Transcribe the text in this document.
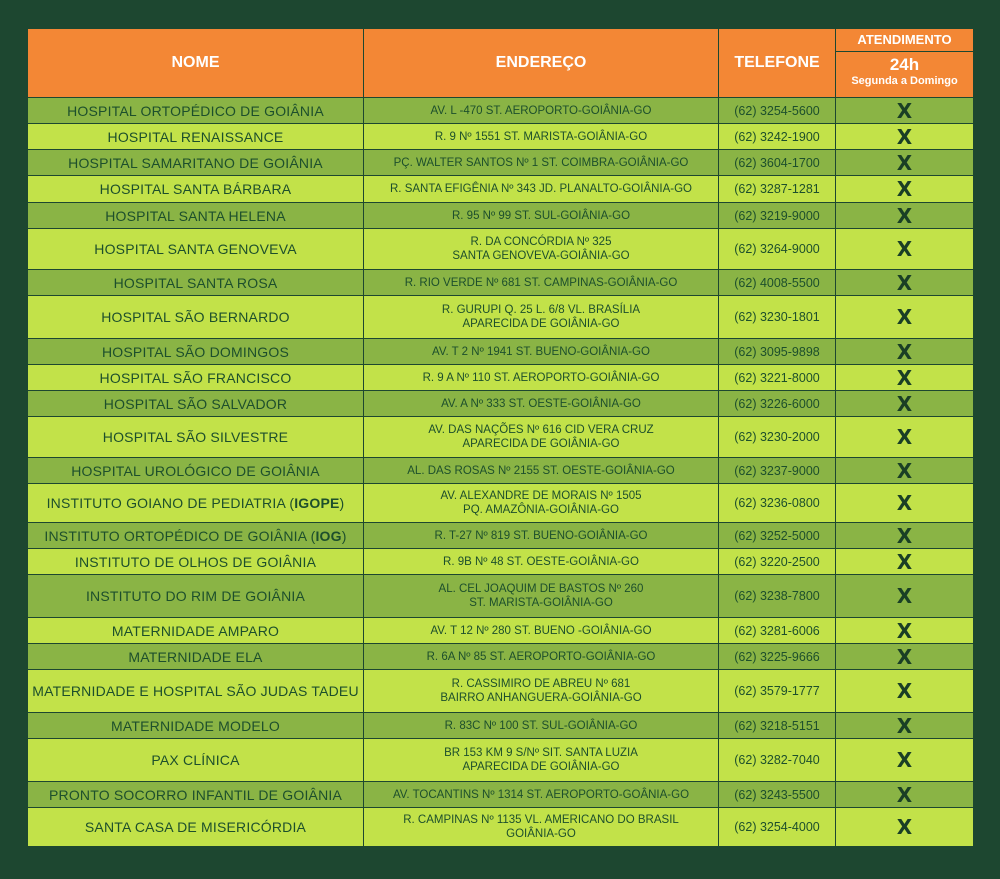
NOME	ENDEREÇO	TELEFONE	ATENDIMENTO
24h
Segunda a Domingo

HOSPITAL ORTOPÉDICO DE GOIÂNIA	AV. L -470 ST. AEROPORTO-GOIÂNIA-GO	(62) 3254-5600	X
HOSPITAL RENAISSANCE	R. 9 Nº 1551 ST. MARISTA-GOIÂNIA-GO	(62) 3242-1900	X
HOSPITAL SAMARITANO DE GOIÂNIA	PÇ. WALTER SANTOS Nº 1 ST. COIMBRA-GOIÂNIA-GO	(62) 3604-1700	X
HOSPITAL SANTA BÁRBARA	R. SANTA EFIGÊNIA Nº 343 JD. PLANALTO-GOIÂNIA-GO	(62) 3287-1281	X
HOSPITAL SANTA HELENA	R. 95 Nº 99 ST. SUL-GOIÂNIA-GO	(62) 3219-9000	X
HOSPITAL SANTA GENOVEVA	R. DA CONCÓRDIA Nº 325
SANTA GENOVEVA-GOIÂNIA-GO	(62) 3264-9000	X
HOSPITAL SANTA ROSA	R. RIO VERDE Nº 681 ST. CAMPINAS-GOIÂNIA-GO	(62) 4008-5500	X
HOSPITAL SÃO BERNARDO	R. GURUPI Q. 25 L. 6/8 VL. BRASÍLIA
APARECIDA DE GOIÂNIA-GO	(62) 3230-1801	X
HOSPITAL SÃO DOMINGOS	AV. T 2 Nº 1941 ST. BUENO-GOIÂNIA-GO	(62) 3095-9898	X
HOSPITAL SÃO FRANCISCO	R. 9 A Nº 110 ST. AEROPORTO-GOIÂNIA-GO	(62) 3221-8000	X
HOSPITAL SÃO SALVADOR	AV. A Nº 333 ST. OESTE-GOIÂNIA-GO	(62) 3226-6000	X
HOSPITAL SÃO SILVESTRE	AV. DAS NAÇÕES Nº 616 CID VERA CRUZ
APARECIDA DE GOIÂNIA-GO	(62) 3230-2000	X
HOSPITAL UROLÓGICO DE GOIÂNIA	AL. DAS ROSAS Nº 2155 ST. OESTE-GOIÂNIA-GO	(62) 3237-9000	X
INSTITUTO GOIANO DE PEDIATRIA (IGOPE)	AV. ALEXANDRE DE MORAIS Nº 1505
PQ. AMAZÔNIA-GOIÂNIA-GO	(62) 3236-0800	X
INSTITUTO ORTOPÉDICO DE GOIÂNIA (IOG)	R. T-27 Nº 819 ST. BUENO-GOIÂNIA-GO	(62) 3252-5000	X
INSTITUTO DE OLHOS DE GOIÂNIA	R. 9B Nº 48 ST. OESTE-GOIÂNIA-GO	(62) 3220-2500	X
INSTITUTO DO RIM DE GOIÂNIA	AL. CEL JOAQUIM DE BASTOS Nº 260
ST. MARISTA-GOIÂNIA-GO	(62) 3238-7800	X
MATERNIDADE AMPARO	AV. T 12 Nº 280 ST. BUENO -GOIÂNIA-GO	(62) 3281-6006	X
MATERNIDADE ELA	R. 6A Nº 85 ST. AEROPORTO-GOIÂNIA-GO	(62) 3225-9666	X
MATERNIDADE E HOSPITAL SÃO JUDAS TADEU	R. CASSIMIRO DE ABREU Nº 681
BAIRRO ANHANGUERA-GOIÂNIA-GO	(62) 3579-1777	X
MATERNIDADE MODELO	R. 83C Nº 100 ST. SUL-GOIÂNIA-GO	(62) 3218-5151	X
PAX CLÍNICA	BR 153 KM 9 S/Nº SIT. SANTA LUZIA
APARECIDA DE GOIÂNIA-GO	(62) 3282-7040	X
PRONTO SOCORRO INFANTIL DE GOIÂNIA	AV. TOCANTINS Nº 1314 ST. AEROPORTO-GOÂNIA-GO	(62) 3243-5500	X
SANTA CASA DE MISERICÓRDIA	R. CAMPINAS Nº 1135 VL. AMERICANO DO BRASIL
GOIÂNIA-GO	(62) 3254-4000	X
